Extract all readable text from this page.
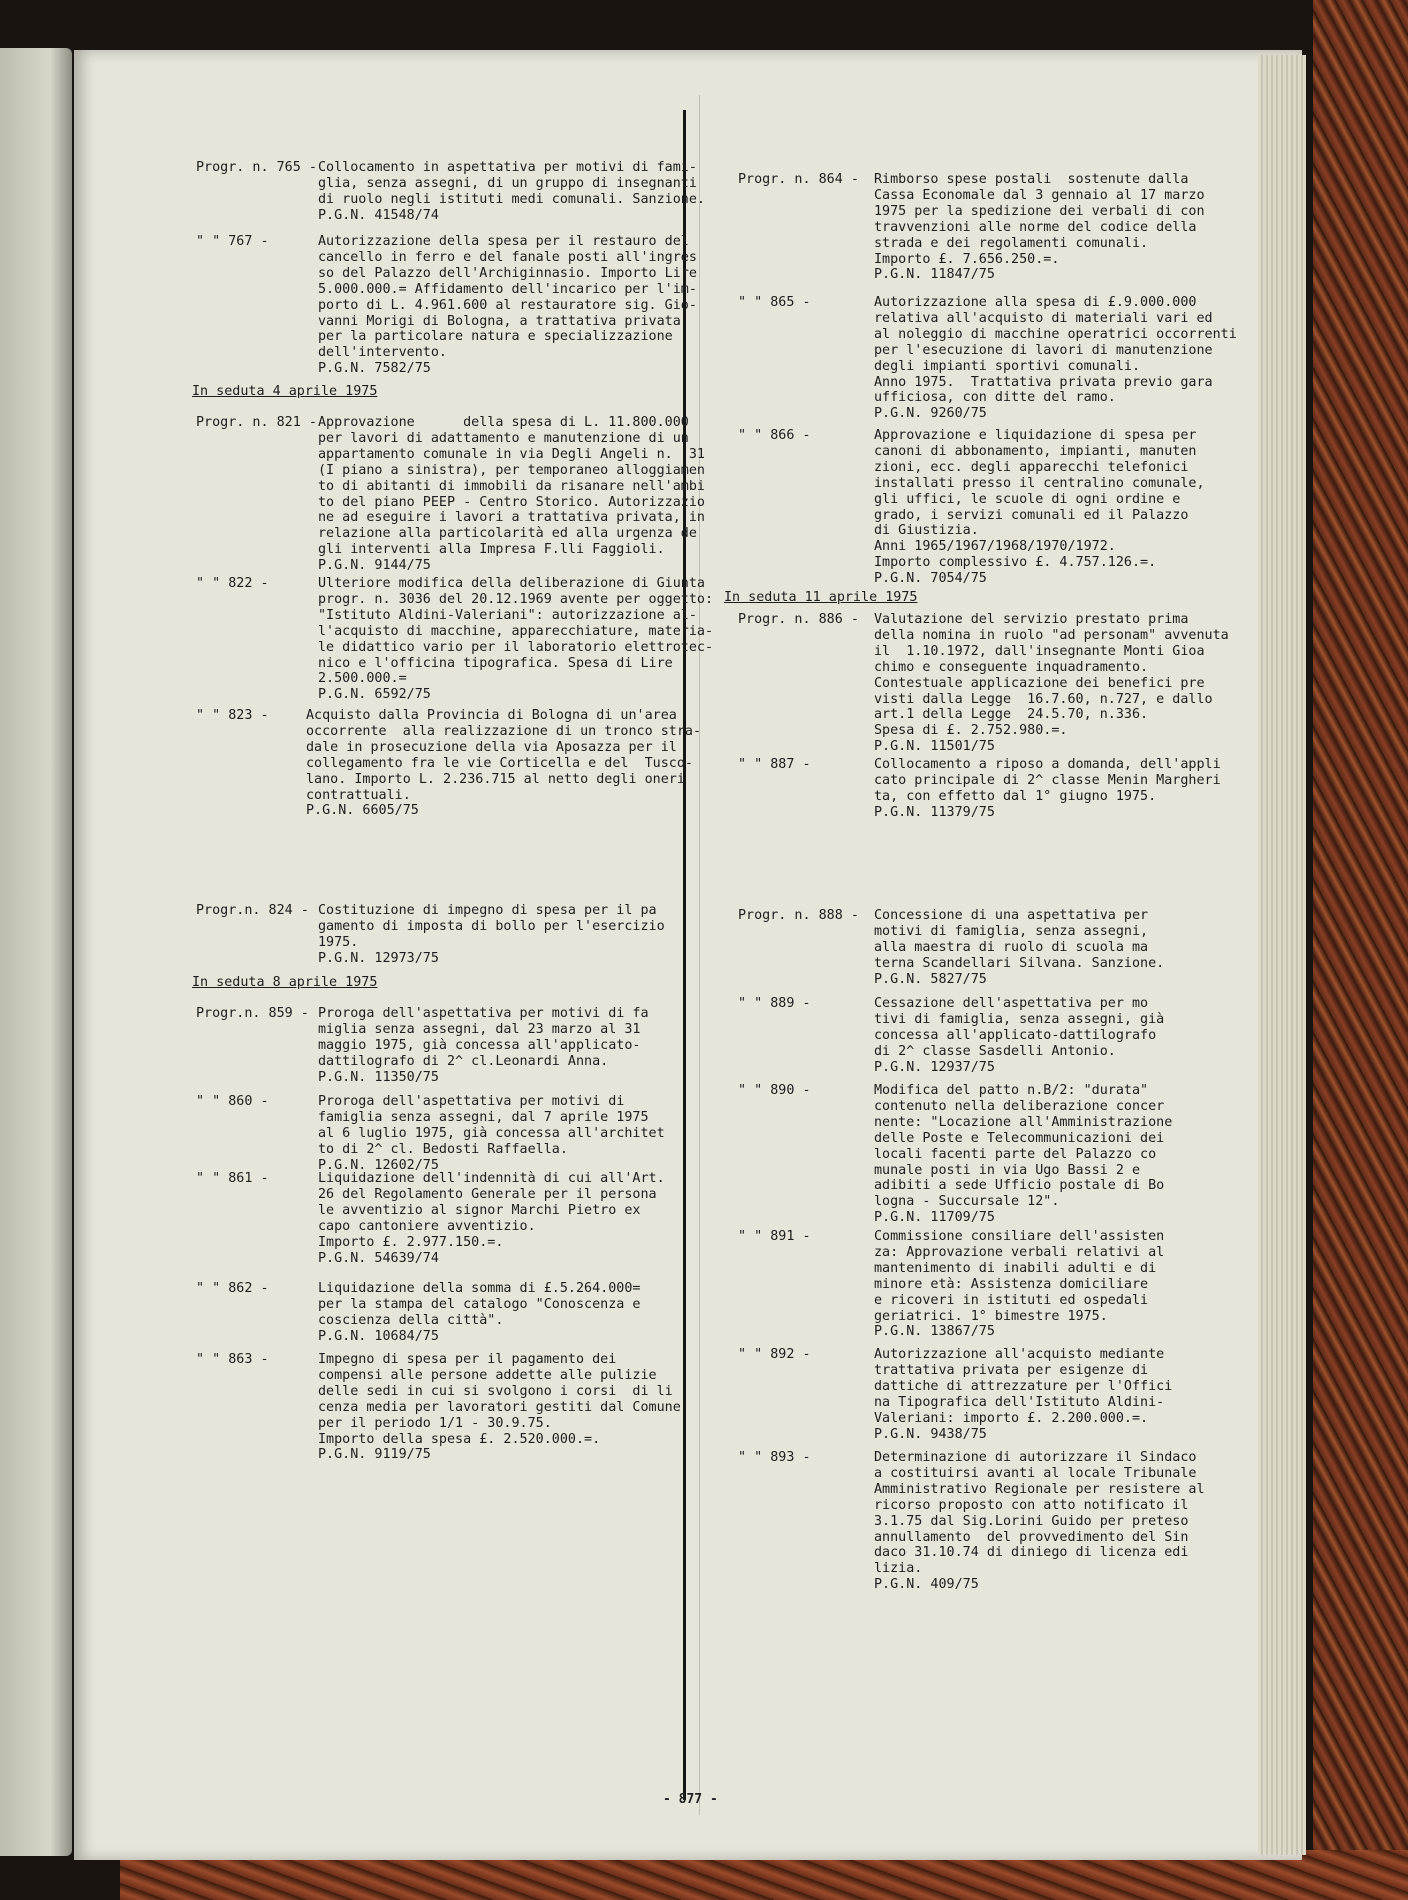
Progr. n. 765 - Collocamento in aspettativa per motivi di fami-
glia, senza assegni, di un gruppo di insegnanti
di ruolo negli istituti medi comunali. Sanzione.
P.G.N. 41548/74
" " 767 -	Autorizzazione della spesa per il restauro del
cancello in ferro e del fanale posti all'ingres
so del Palazzo dell'Archiginnasio. Importo Lire
5.000.000.= Affidamento dell'incarico per l'im-
porto di L. 4.961.600 al restauratore sig. Gio-
vanni Morigi di Bologna, a trattativa privata
per la particolare natura e specializzazione
dell'intervento.
P.G.N. 7582/75
In seduta 4 aprile 1975
Progr. n. 821 - Approvazione      della spesa di L. 11.800.000
per lavori di adattamento e manutenzione di un
appartamento comunale in via Degli Angeli n.  31
(I piano a sinistra), per temporaneo alloggiamen
to di abitanti di immobili da risanare nell'ambi
to del piano PEEP - Centro Storico. Autorizzazio
ne ad eseguire i lavori a trattativa privata, in
relazione alla particolarità ed alla urgenza de
gli interventi alla Impresa F.lli Faggioli.
P.G.N. 9144/75
" " 822 -	Ulteriore modifica della deliberazione di Giunta
progr. n. 3036 del 20.12.1969 avente per oggetto:
"Istituto Aldini-Valeriani": autorizzazione al-
l'acquisto di macchine, apparecchiature, materia-
le didattico vario per il laboratorio elettrotec-
nico e l'officina tipografica. Spesa di Lire
2.500.000.=
P.G.N. 6592/75
" " 823 -	Acquisto dalla Provincia di Bologna di un'area
occorrente  alla realizzazione di un tronco stra-
dale in prosecuzione della via Aposazza per il
collegamento fra le vie Corticella e del  Tusco-
lano. Importo L. 2.236.715 al netto degli oneri
contrattuali.
P.G.N. 6605/75
Progr.n. 824 - Costituzione di impegno di spesa per il pa
gamento di imposta di bollo per l'esercizio
1975.
P.G.N. 12973/75
In seduta 8 aprile 1975
Progr.n. 859 - Proroga dell'aspettativa per motivi di fa
miglia senza assegni, dal 23 marzo al 31
maggio 1975, già concessa all'applicato-
dattilografo di 2^ cl.Leonardi Anna.
P.G.N. 11350/75
" " 860 -	Proroga dell'aspettativa per motivi di
famiglia senza assegni, dal 7 aprile 1975
al 6 luglio 1975, già concessa all'architet
to di 2^ cl. Bedosti Raffaella.
P.G.N. 12602/75
" " 861 -	Liquidazione dell'indennità di cui all'Art.
26 del Regolamento Generale per il persona
le avventizio al signor Marchi Pietro ex
capo cantoniere avventizio.
Importo £. 2.977.150.=.
P.G.N. 54639/74
" " 862 -	Liquidazione della somma di £.5.264.000=
per la stampa del catalogo "Conoscenza e
coscienza della città".
P.G.N. 10684/75
" " 863 -	Impegno di spesa per il pagamento dei
compensi alle persone addette alle pulizie
delle sedi in cui si svolgono i corsi  di li
cenza media per lavoratori gestiti dal Comune
per il periodo 1/1 - 30.9.75.
Importo della spesa £. 2.520.000.=.
P.G.N. 9119/75
Progr. n. 864 - Rimborso spese postali  sostenute dalla
Cassa Economale dal 3 gennaio al 17 marzo
1975 per la spedizione dei verbali di con
travvenzioni alle norme del codice della
strada e dei regolamenti comunali.
Importo £. 7.656.250.=.
P.G.N. 11847/75
" " 865 -	Autorizzazione alla spesa di £.9.000.000
relativa all'acquisto di materiali vari ed
al noleggio di macchine operatrici occorrenti
per l'esecuzione di lavori di manutenzione
degli impianti sportivi comunali.
Anno 1975.  Trattativa privata previo gara
ufficiosa, con ditte del ramo.
P.G.N. 9260/75
" " 866 -	Approvazione e liquidazione di spesa per
canoni di abbonamento, impianti, manuten
zioni, ecc. degli apparecchi telefonici
installati presso il centralino comunale,
gli uffici, le scuole di ogni ordine e
grado, i servizi comunali ed il Palazzo
di Giustizia.
Anni 1965/1967/1968/1970/1972.
Importo complessivo £. 4.757.126.=.
P.G.N. 7054/75
In seduta 11 aprile 1975
Progr. n. 886 - Valutazione del servizio prestato prima
della nomina in ruolo "ad personam" avvenuta
il  1.10.1972, dall'insegnante Monti Gioa
chimo e conseguente inquadramento.
Contestuale applicazione dei benefici pre
visti dalla Legge  16.7.60, n.727, e dallo
art.1 della Legge  24.5.70, n.336.
Spesa di £. 2.752.980.=.
P.G.N. 11501/75
" " 887 -	Collocamento a riposo a domanda, dell'appli
cato principale di 2^ classe Menin Margheri
ta, con effetto dal 1° giugno 1975.
P.G.N. 11379/75
Progr. n. 888 - Concessione di una aspettativa per
motivi di famiglia, senza assegni,
alla maestra di ruolo di scuola ma
terna Scandellari Silvana. Sanzione.
P.G.N. 5827/75
" " 889 -	Cessazione dell'aspettativa per mo
tivi di famiglia, senza assegni, già
concessa all'applicato-dattilografo
di 2^ classe Sasdelli Antonio.
P.G.N. 12937/75
" " 890 -	Modifica del patto n.B/2: "durata"
contenuto nella deliberazione concer
nente: "Locazione all'Amministrazione
delle Poste e Telecommunicazioni dei
locali facenti parte del Palazzo co
munale posti in via Ugo Bassi 2 e
adibiti a sede Ufficio postale di Bo
logna - Succursale 12".
P.G.N. 11709/75
" " 891 -	Commissione consiliare dell'assisten
za: Approvazione verbali relativi al
mantenimento di inabili adulti e di
minore età: Assistenza domiciliare
e ricoveri in istituti ed ospedali
geriatrici. 1° bimestre 1975.
P.G.N. 13867/75
" " 892 -	Autorizzazione all'acquisto mediante
trattativa privata per esigenze di
dattiche di attrezzature per l'Offici
na Tipografica dell'Istituto Aldini-
Valeriani: importo £. 2.200.000.=.
P.G.N. 9438/75
" " 893 -	Determinazione di autorizzare il Sindaco
a costituirsi avanti al locale Tribunale
Amministrativo Regionale per resistere al
ricorso proposto con atto notificato il
3.1.75 dal Sig.Lorini Guido per preteso
annullamento  del provvedimento del Sin
daco 31.10.74 di diniego di licenza edi
lizia.
P.G.N. 409/75
- 877 -
